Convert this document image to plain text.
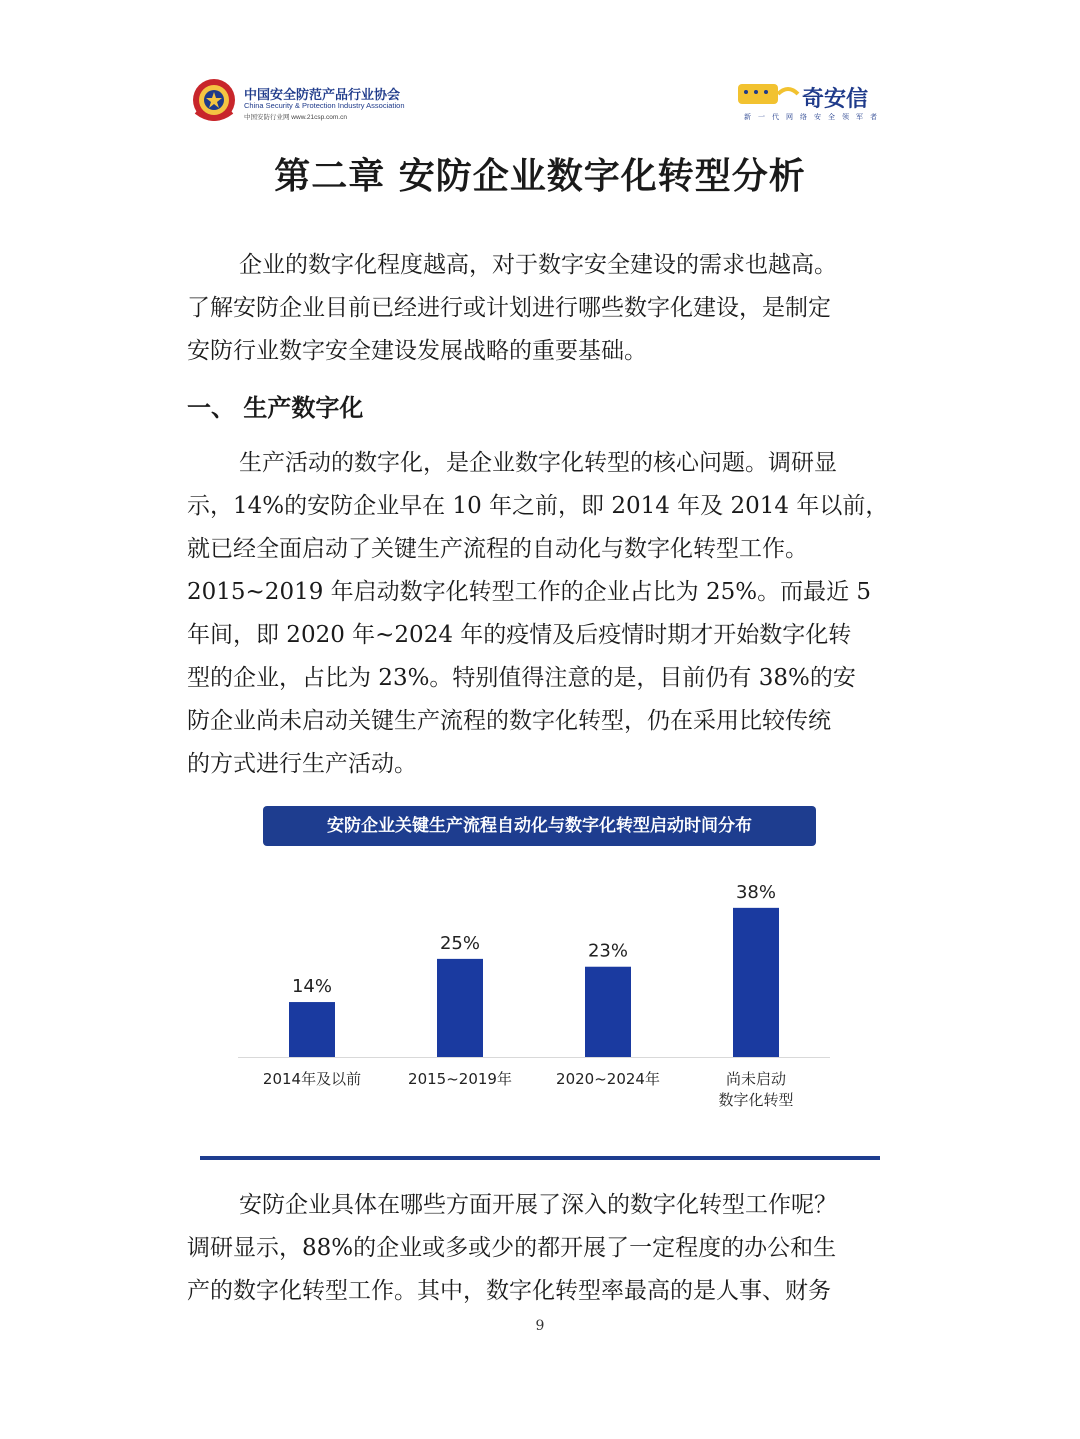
中国安全防范产品行业协会
China Security & Protection Industry Association
中国安防行业网 www.21csp.com.cn
奇安信
新一代网络安全领军者
第二章 安防企业数字化转型分析
企业的数字化程度越高，对于数字安全建设的需求也越高。
了解安防企业目前已经进行或计划进行哪些数字化建设，是制定
安防行业数字安全建设发展战略的重要基础。
一、 生产数字化
生产活动的数字化，是企业数字化转型的核心问题。调研显
示，14%的安防企业早在 10 年之前，即 2014 年及 2014 年以前，
就已经全面启动了关键生产流程的自动化与数字化转型工作。
2015~2019 年启动数字化转型工作的企业占比为 25%。而最近 5
年间，即 2020 年~2024 年的疫情及后疫情时期才开始数字化转
型的企业，占比为 23%。特别值得注意的是，目前仍有 38%的安
防企业尚未启动关键生产流程的数字化转型，仍在采用比较传统
的方式进行生产活动。
安防企业关键生产流程自动化与数字化转型启动时间分布
14%
2014年及以前
25%
2015~2019年
23%
2020~2024年
38%
尚未启动
数字化转型
安防企业具体在哪些方面开展了深入的数字化转型工作呢？
调研显示，88%的企业或多或少的都开展了一定程度的办公和生
产的数字化转型工作。其中，数字化转型率最高的是人事、财务
9
